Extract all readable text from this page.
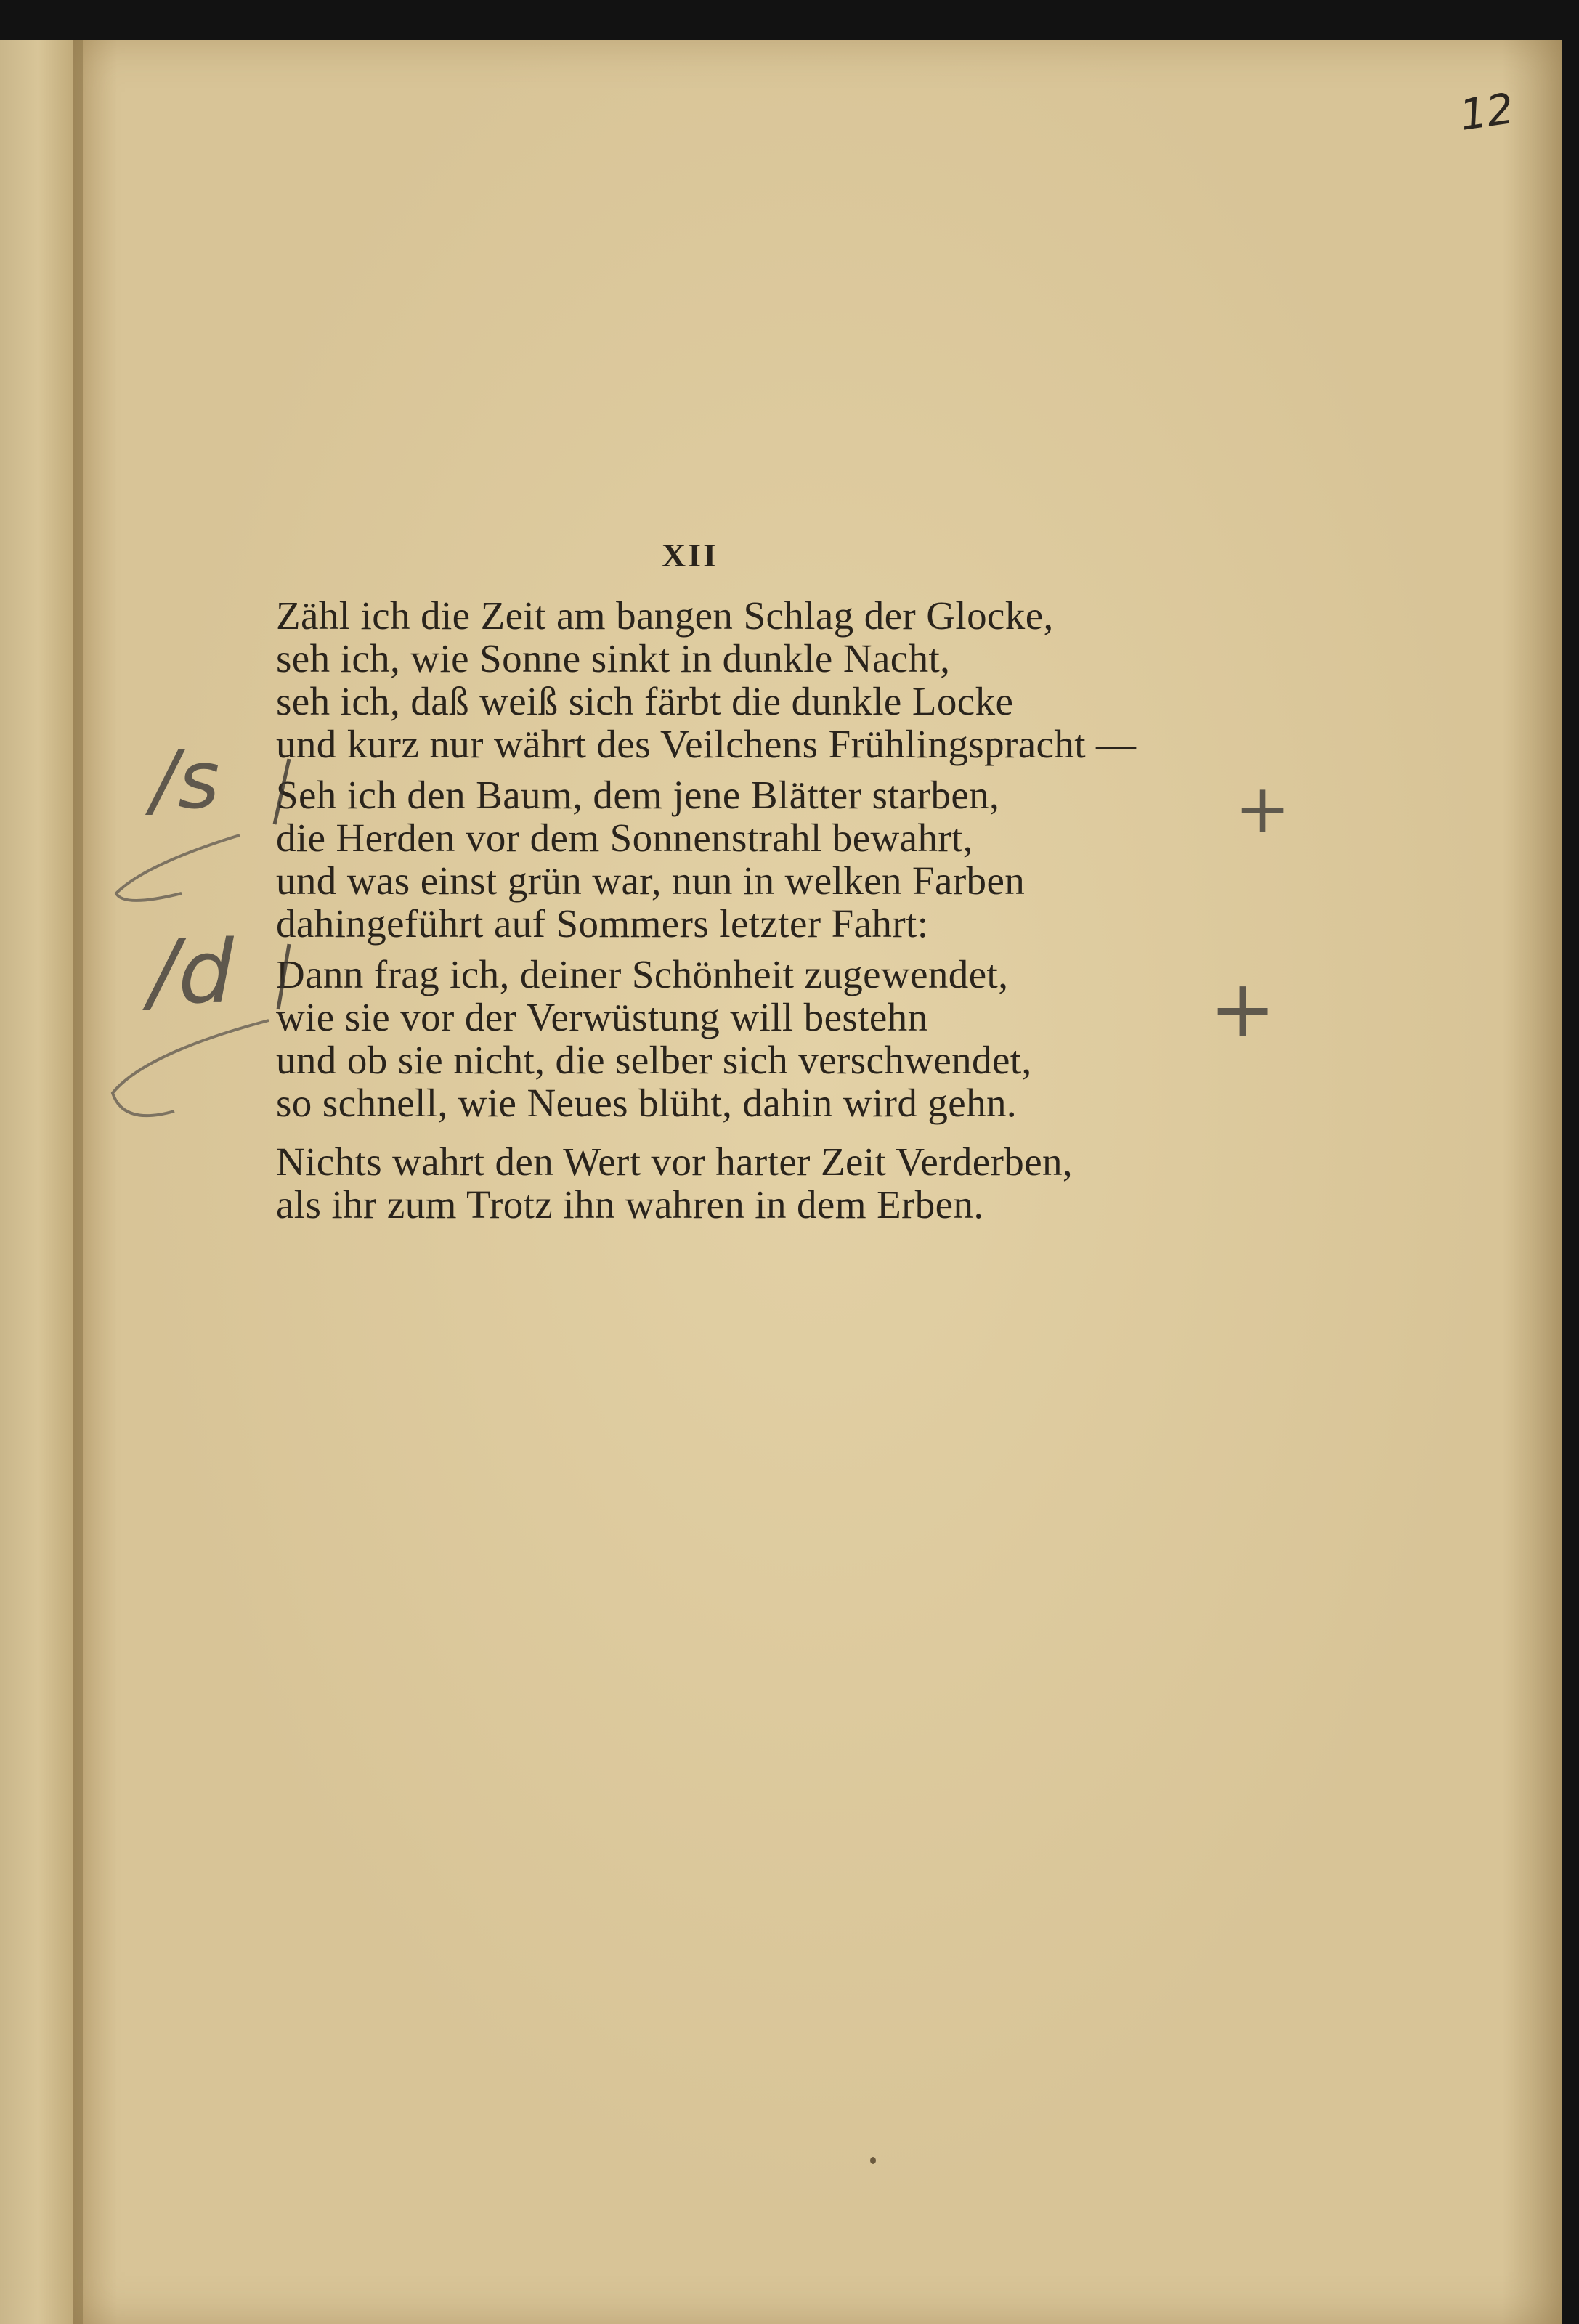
12
XII
Zähl ich die Zeit am bangen Schlag der Glocke,
seh ich, wie Sonne sinkt in dunkle Nacht,
seh ich, daß weiß sich färbt die dunkle Locke
und kurz nur währt des Veilchens Frühlingspracht —
Seh ich den Baum, dem jene Blätter starben,
die Herden vor dem Sonnenstrahl bewahrt,
und was einst grün war, nun in welken Farben
dahingeführt auf Sommers letzter Fahrt:
Dann frag ich, deiner Schönheit zugewendet,
wie sie vor der Verwüstung will bestehn
und ob sie nicht, die selber sich verschwendet,
so schnell, wie Neues blüht, dahin wird gehn.
Nichts wahrt den Wert vor harter Zeit Verderben,
als ihr zum Trotz ihn wahren in dem Erben.
/s
/d
+
+
